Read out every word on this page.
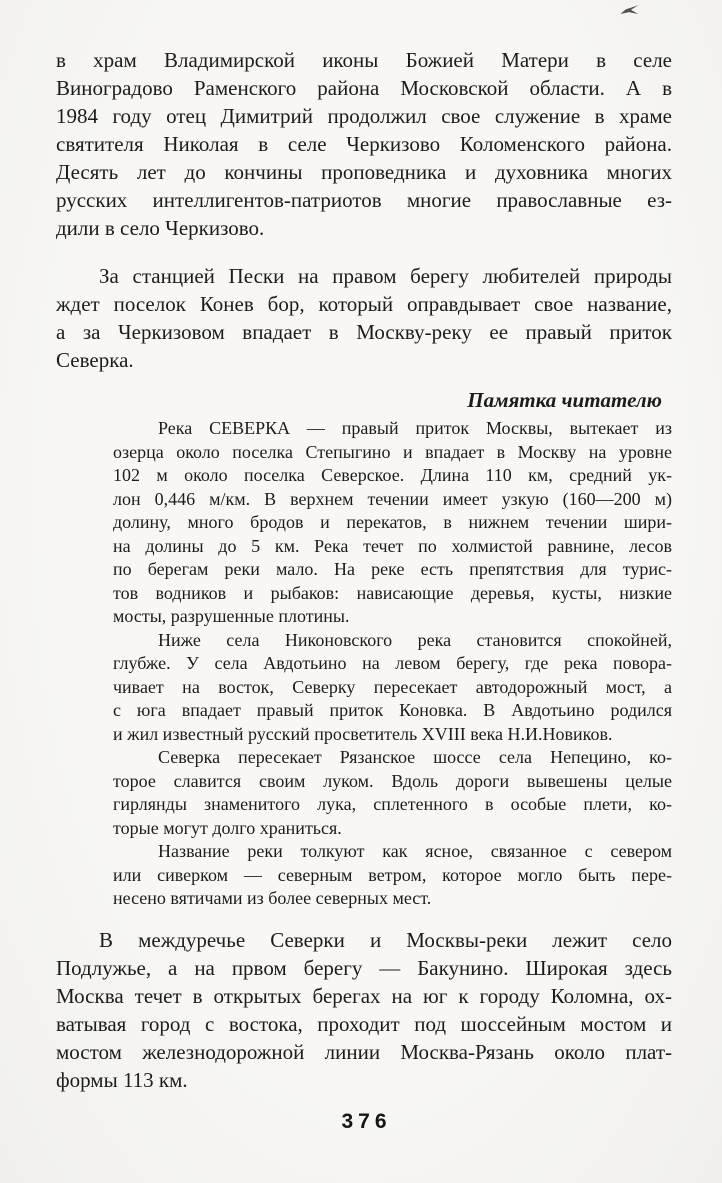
в храм Владимирской иконы Божией Матери в селе
Виноградово Раменского района Московской области. А в
1984 году отец Димитрий продолжил свое служение в храме
святителя Николая в селе Черкизово Коломенского района.
Десять лет до кончины проповедника и духовника многих
русских интеллигентов-патриотов многие православные ез-
дили в село Черкизово.
За станцией Пески на правом берегу любителей природы
ждет поселок Конев бор, который оправдывает свое название,
а за Черкизовом впадает в Москву-реку ее правый приток
Северка.
Памятка читателю
Река СЕВЕРКА — правый приток Москвы, вытекает из
озерца около поселка Степыгино и впадает в Москву на уровне
102 м около поселка Северское. Длина 110 км, средний ук-
лон 0,446 м/км. В верхнем течении имеет узкую (160—200 м)
долину, много бродов и перекатов, в нижнем течении шири-
на долины до 5 км. Река течет по холмистой равнине, лесов
по берегам реки мало. На реке есть препятствия для турис-
тов водников и рыбаков: нависающие деревья, кусты, низкие
мосты, разрушенные плотины.
Ниже села Никоновского река становится спокойней,
глубже. У села Авдотьино на левом берегу, где река повора-
чивает на восток, Северку пересекает автодорожный мост, а
с юга впадает правый приток Коновка. В Авдотьино родился
и жил известный русский просветитель XVIII века Н.И.Новиков.
Северка пересекает Рязанское шоссе села Непецино, ко-
торое славится своим луком. Вдоль дороги вывешены целые
гирлянды знаменитого лука, сплетенного в особые плети, ко-
торые могут долго храниться.
Название реки толкуют как ясное, связанное с севером
или сиверком — северным ветром, которое могло быть пере-
несено вятичами из более северных мест.
В междуречье Северки и Москвы-реки лежит село
Подлужье, а на првом берегу — Бакунино. Широкая здесь
Москва течет в открытых берегах на юг к городу Коломна, ох-
ватывая город с востока, проходит под шоссейным мостом и
мостом железнодорожной линии Москва-Рязань около плат-
формы 113 км.
376
